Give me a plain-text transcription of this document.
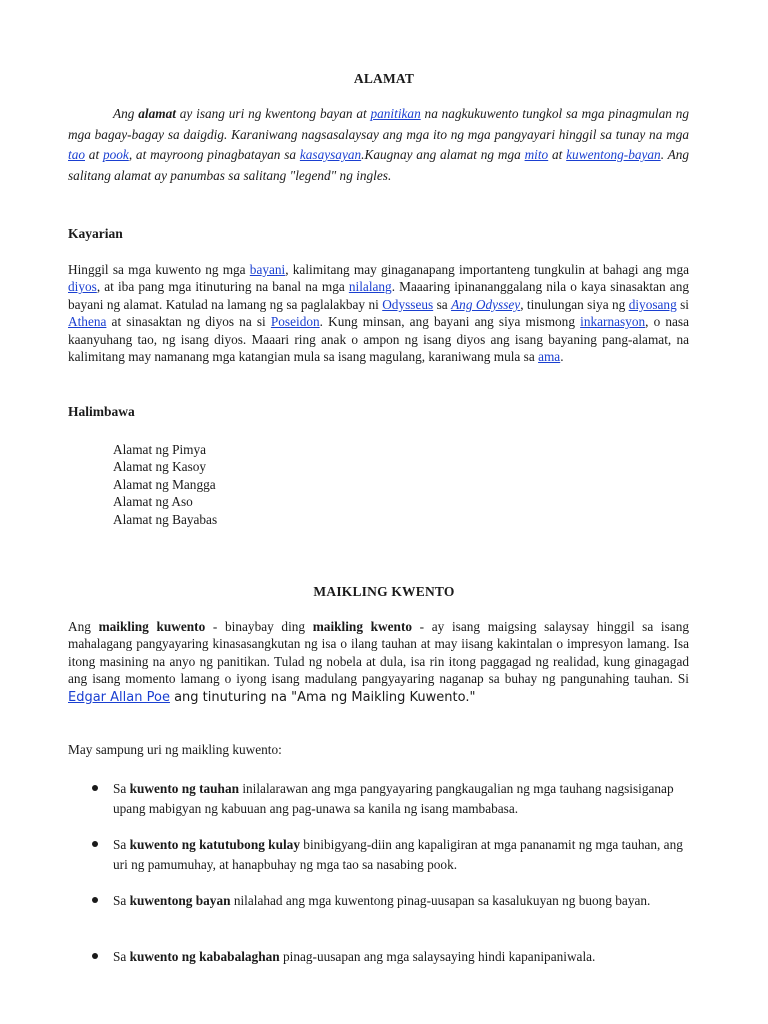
ALAMAT

Ang alamat ay isang uri ng kwentong bayan at panitikan na nagkukuwento tungkol sa mga pinagmulan ng mga bagay-bagay sa daigdig. Karaniwang nagsasalaysay ang mga ito ng mga pangyayari hinggil sa tunay na mga tao at pook, at mayroong pinagbatayan sa kasaysayan.Kaugnay ang alamat ng mga mito at kuwentong-bayan. Ang salitang alamat ay panumbas sa salitang "legend" ng ingles.

Kayarian

Hinggil sa mga kuwento ng mga bayani, kalimitang may ginaganapang importanteng tungkulin at bahagi ang mga diyos, at iba pang mga itinuturing na banal na mga nilalang. Maaaring ipinananggalang nila o kaya sinasaktan ang bayani ng alamat. Katulad na lamang ng sa paglalakbay ni Odysseus sa Ang Odyssey, tinulungan siya ng diyosang si Athena at sinasaktan ng diyos na si Poseidon. Kung minsan, ang bayani ang siya mismong inkarnasyon, o nasa kaanyuhang tao, ng isang diyos. Maaari ring anak o ampon ng isang diyos ang isang bayaning pang-alamat, na kalimitang may namanang mga katangian mula sa isang magulang, karaniwang mula sa ama.

Halimbawa
Alamat ng Pimya
Alamat ng Kasoy
Alamat ng Mangga
Alamat ng Aso
Alamat ng Bayabas
MAIKLING KWENTO

Ang maikling kuwento - binaybay ding maikling kwento - ay isang maigsing salaysay hinggil sa isang mahalagang pangyayaring kinasasangkutan ng isa o ilang tauhan at may iisang kakintalan o impresyon lamang. Isa itong masining na anyo ng panitikan. Tulad ng nobela at dula, isa rin itong paggagad ng realidad, kung ginagagad ang isang momento lamang o iyong isang madulang pangyayaring naganap sa buhay ng pangunahing tauhan. Si Edgar Allan Poe ang tinuturing na "Ama ng Maikling Kuwento."

May sampung uri ng maikling kuwento:

Sa kuwento ng tauhan inilalarawan ang mga pangyayaring pangkaugalian ng mga tauhang nagsisiganap upang mabigyan ng kabuuan ang pag-unawa sa kanila ng isang mambabasa.
Sa kuwento ng katutubong kulay binibigyang-diin ang kapaligiran at mga pananamit ng mga tauhan, ang uri ng pamumuhay, at hanapbuhay ng mga tao sa nasabing pook.
Sa kuwentong bayan nilalahad ang mga kuwentong pinag-uusapan sa kasalukuyan ng buong bayan.
Sa kuwento ng kababalaghan pinag-uusapan ang mga salaysaying hindi kapanipaniwala.
